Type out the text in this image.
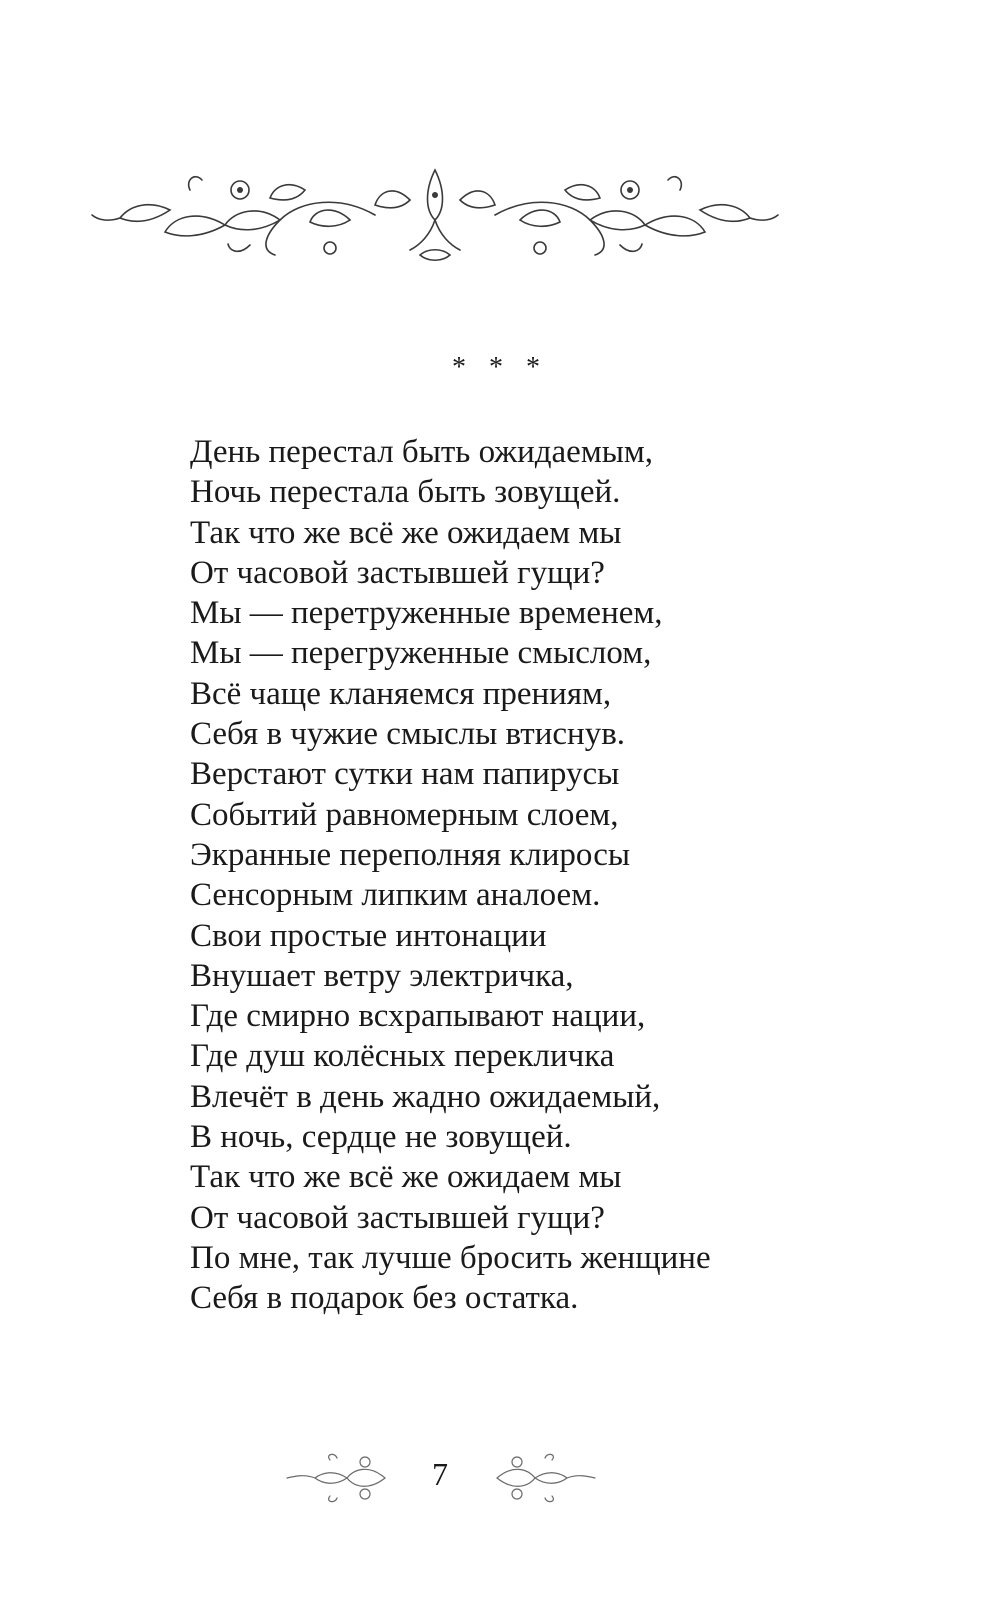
* * *
День перестал быть ожидаемым,
Ночь перестала быть зовущей.
Так что же всё же ожидаем мы
От часовой застывшей гущи?
Мы — перетруженные временем,
Мы — перегруженные смыслом,
Всё чаще кланяемся прениям,
Себя в чужие смыслы втиснув.
Верстают сутки нам папирусы
Событий равномерным слоем,
Экранные переполняя клиросы
Сенсорным липким аналоем.
Свои простые интонации
Внушает ветру электричка,
Где смирно всхрапывают нации,
Где душ колёсных перекличка
Влечёт в день жадно ожидаемый,
В ночь, сердце не зовущей.
Так что же всё же ожидаем мы
От часовой застывшей гущи?
По мне, так лучше бросить женщине
Себя в подарок без остатка.
7
